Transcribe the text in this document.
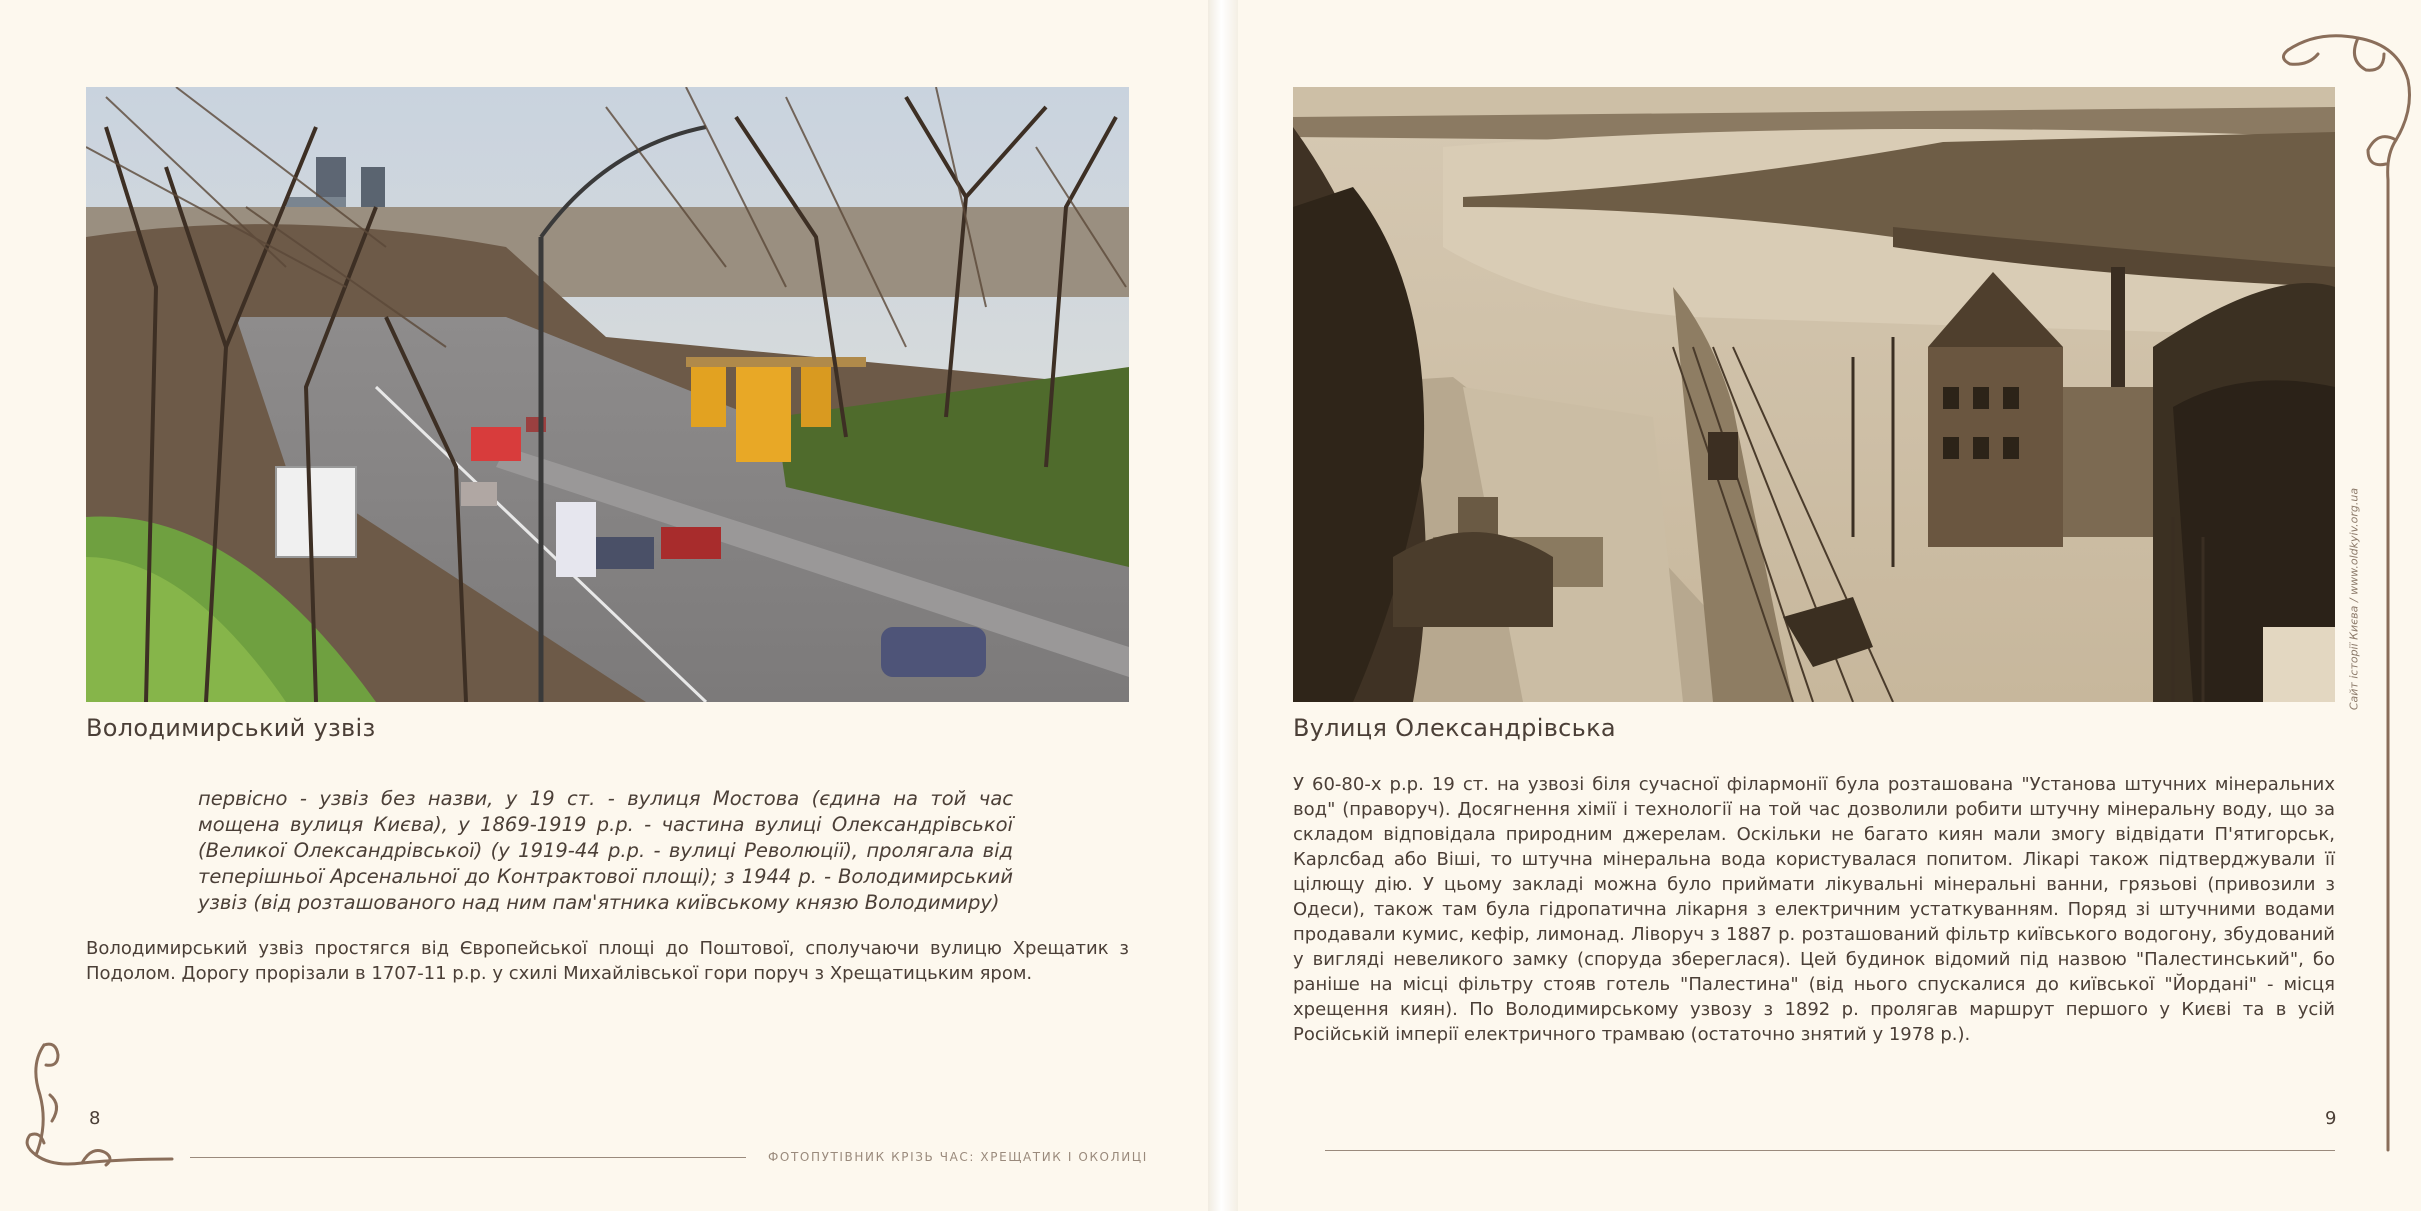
Володимирський узвіз

первісно - узвіз без назви, у 19 ст. - вулиця Мостова (єдина на той час мощена вулиця Києва), у 1869-1919 р.р. - частина вулиці Олександрівської (Великої Олександрівської) (у 1919-44 р.р. - вулиці Революції), пролягала від теперішньої Арсенальної до Контрактової площі); з 1944 р. - Володимирський узвіз (від розташованого над ним пам'ятника київському князю Володимиру)

Володимирський узвіз простягся від Європейської площі до Поштової, сполучаючи вулицю Хрещатик з Подолом. Дорогу прорізали в 1707-11 р.р. у схилі Михайлівської гори поруч з Хрещатицьким яром.

8
ФОТОПУТІВНИК КРІЗЬ ЧАС: ХРЕЩАТИК І ОКОЛИЦІ
Вулиця Олександрівська

У 60-80-х р.р. 19 ст. на узвозі біля сучасної філармонії була розташована "Установа штучних мінеральних вод" (праворуч). Досягнення хімії і технології на той час дозволили робити штучну мінеральну воду, що за складом відповідала природним джерелам. Оскільки не багато киян мали змогу відвідати П'ятигорськ, Карлсбад або Віші, то штучна мінеральна вода користувалася попитом. Лікарі також підтверджували її цілющу дію. У цьому закладі можна було приймати лікувальні мінеральні ванни, грязьові (привозили з Одеси), також там була гідропатична лікарня з електричним устаткуванням. Поряд зі штучними водами продавали кумис, кефір, лимонад. Ліворуч з 1887 р. розташований фільтр київського водогону, збудований у вигляді невеликого замку (споруда збереглася). Цей будинок відомий під назвою "Палестинський", бо раніше на місці фільтру стояв готель "Палестина" (від нього спускалися до київської "Йордані" - місця хрещення киян). По Володимирському узвозу з 1892 р. пролягав маршрут першого у Києві та в усій Російській імперії електричного трамваю (остаточно знятий у 1978 р.).

Сайт історії Києва / www.oldkyiv.org.ua
9
